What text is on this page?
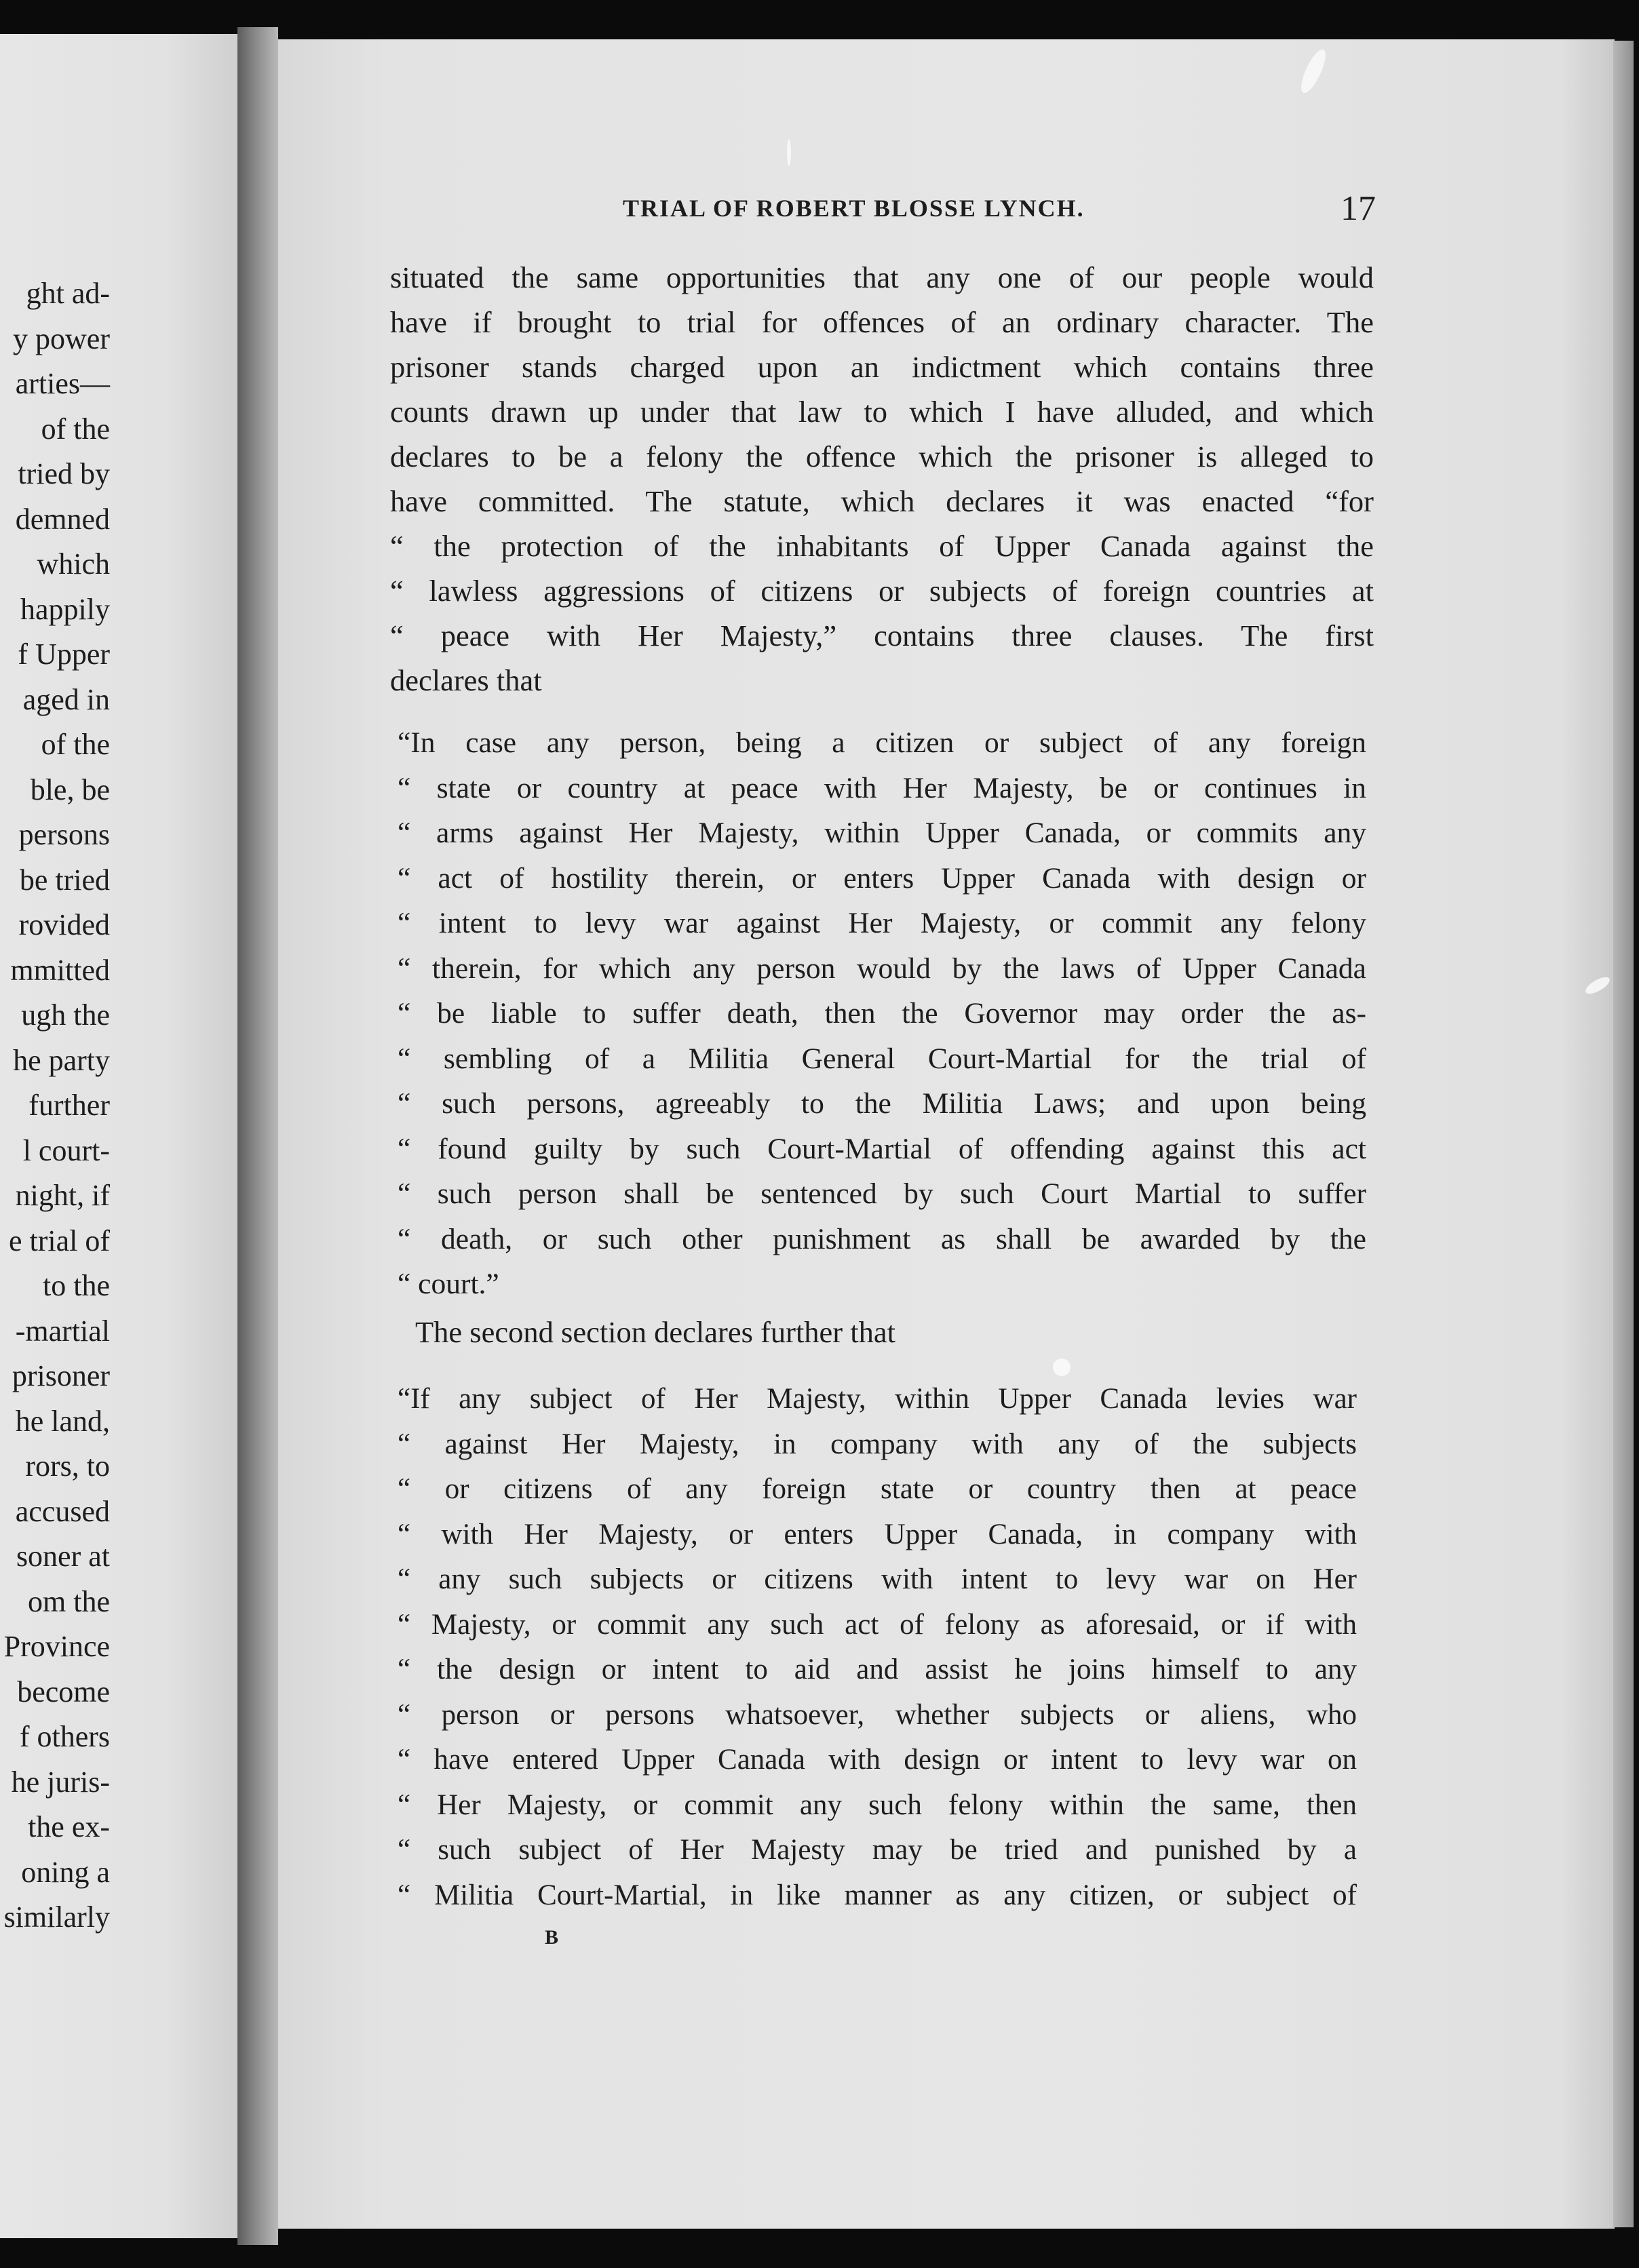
ght ad-
y power
arties—
of the
tried by
demned
which
happily
f Upper
aged in
of the
ble, be
persons
be tried
rovided
mmitted
ugh the
he party
further
l court-
night, if
e trial of
to the
-martial
prisoner
he land,
rors, to
accused
soner at
om the
Province
become
f others
he juris-
the ex-
oning a
similarly
TRIAL OF ROBERT BLOSSE LYNCH.	17
situated the same opportunities that any one of our people would
have if brought to trial for offences of an ordinary character. The
prisoner stands charged upon an indictment which contains three
counts drawn up under that law to which I have alluded, and which
declares to be a felony the offence which the prisoner is alleged to
have committed. The statute, which declares it was enacted “for
“ the protection of the inhabitants of Upper Canada against the
“ lawless aggressions of citizens or subjects of foreign countries at
“ peace with Her Majesty,” contains three clauses. The first
declares that
“In case any person, being a citizen or subject of any foreign
“ state or country at peace with Her Majesty, be or continues in
“ arms against Her Majesty, within Upper Canada, or commits any
“ act of hostility therein, or enters Upper Canada with design or
“ intent to levy war against Her Majesty, or commit any felony
“ therein, for which any person would by the laws of Upper Canada
“ be liable to suffer death, then the Governor may order the as-
“ sembling of a Militia General Court-Martial for the trial of
“ such persons, agreeably to the Militia Laws; and upon being
“ found guilty by such Court-Martial of offending against this act
“ such person shall be sentenced by such Court Martial to suffer
“ death, or such other punishment as shall be awarded by the
“ court.”
The second section declares further that
“If any subject of Her Majesty, within Upper Canada levies war
“ against Her Majesty, in company with any of the subjects
“ or citizens of any foreign state or country then at peace
“ with Her Majesty, or enters Upper Canada, in company with
“ any such subjects or citizens with intent to levy war on Her
“ Majesty, or commit any such act of felony as aforesaid, or if with
“ the design or intent to aid and assist he joins himself to any
“ person or persons whatsoever, whether subjects or aliens, who
“ have entered Upper Canada with design or intent to levy war on
“ Her Majesty, or commit any such felony within the same, then
“ such subject of Her Majesty may be tried and punished by a
“ Militia Court-Martial, in like manner as any citizen, or subject of
B
